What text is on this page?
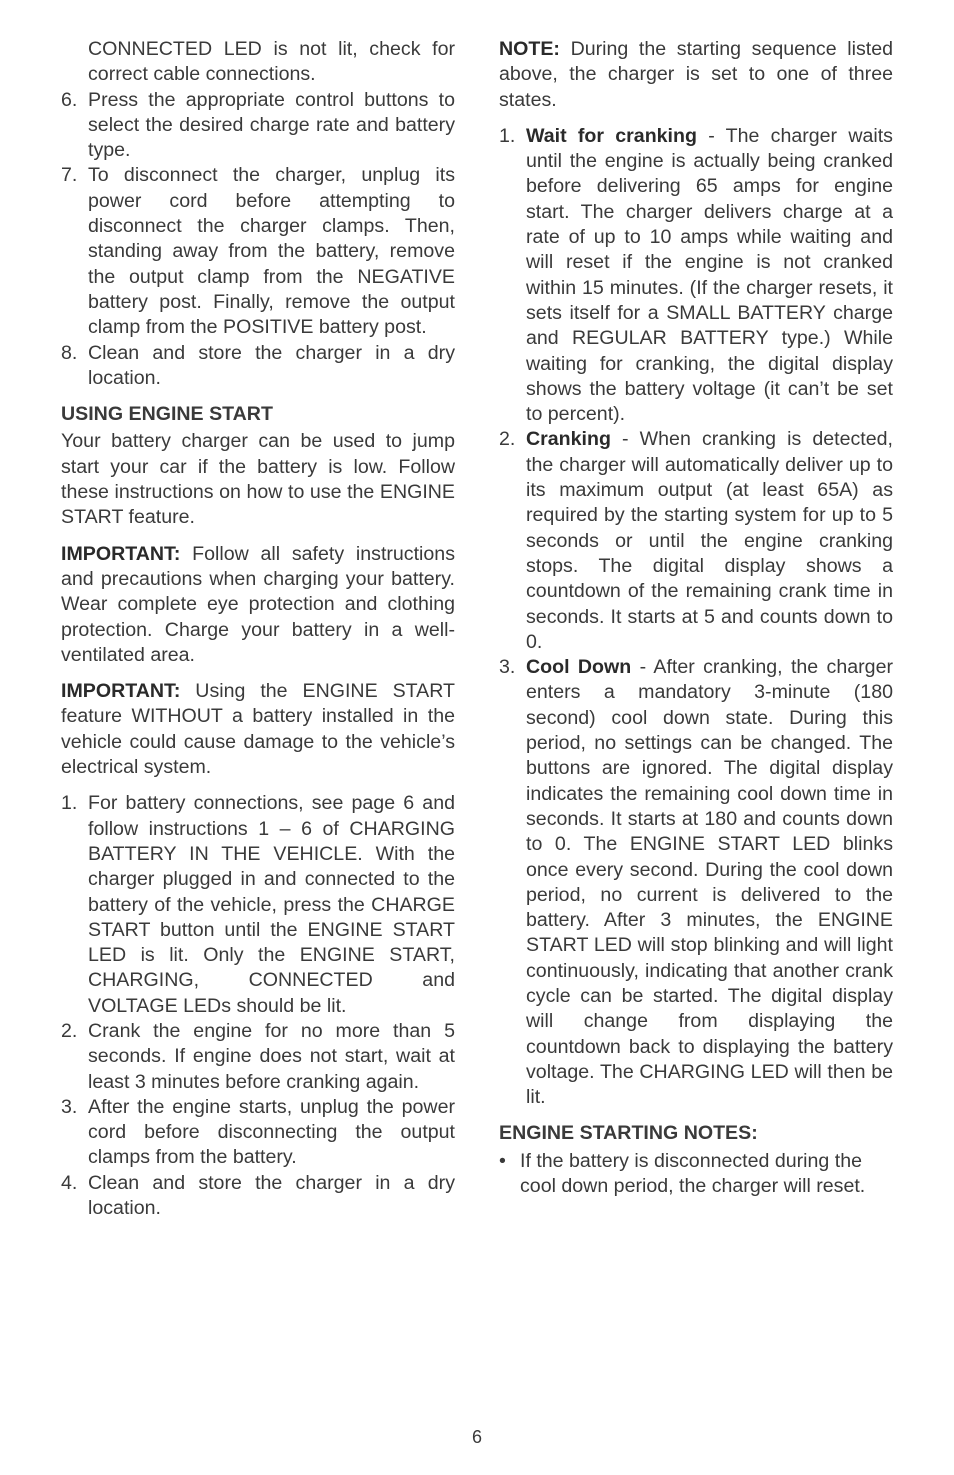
CONNECTED LED is not lit, check for correct cable connections.
6. Press the appropriate control buttons to select the desired charge rate and battery type.
7. To disconnect the charger, unplug its power cord before attempting to disconnect the charger clamps. Then, standing away from the battery, remove the output clamp from the NEGATIVE battery post. Finally, remove the output clamp from the POSITIVE battery post.
8. Clean and store the charger in a dry location.
USING ENGINE START

Your battery charger can be used to jump start your car if the battery is low. Follow these instructions on how to use the ENGINE START feature.

IMPORTANT: Follow all safety instructions and precautions when charging your battery. Wear complete eye protection and clothing protection. Charge your battery in a well-ventilated area.

IMPORTANT: Using the ENGINE START feature WITHOUT a battery installed in the vehicle could cause damage to the vehicle’s electrical system.

1. For battery connections, see page 6 and follow instructions 1 – 6 of CHARGING BATTERY IN THE VEHICLE. With the charger plugged in and connected to the battery of the vehicle, press the CHARGE START button until the ENGINE START LED is lit. Only the ENGINE START, CHARGING, CONNECTED and VOLTAGE LEDs should be lit.
2. Crank the engine for no more than 5 seconds. If engine does not start, wait at least 3 minutes before cranking again.
3. After the engine starts, unplug the power cord before disconnecting the output clamps from the battery.
4. Clean and store the charger in a dry location.

NOTE: During the starting sequence listed above, the charger is set to one of three states.

1. Wait for cranking - The charger waits until the engine is actually being cranked before delivering 65 amps for engine start. The charger delivers charge at a rate of up to 10 amps while waiting and will reset if the engine is not cranked within 15 minutes. (If the charger resets, it sets itself for a SMALL BATTERY charge and REGULAR BATTERY type.) While waiting for cranking, the digital display shows the battery voltage (it can’t be set to percent).
2. Cranking - When cranking is detected, the charger will automatically deliver up to its maximum output (at least 65A) as required by the starting system for up to 5 seconds or until the engine cranking stops. The digital display shows a countdown of the remaining crank time in seconds. It starts at 5 and counts down to 0.
3. Cool Down - After cranking, the charger enters a mandatory 3-minute (180 second) cool down state. During this period, no settings can be changed. The buttons are ignored. The digital display indicates the remaining cool down time in seconds. It starts at 180 and counts down to 0. The ENGINE START LED blinks once every second. During the cool down period, no current is delivered to the battery. After 3 minutes, the ENGINE START LED will stop blinking and will light continuously, indicating that another crank cycle can be started. The digital display will change from displaying the countdown back to displaying the battery voltage. The CHARGING LED will then be lit.
ENGINE STARTING NOTES:
• If the battery is disconnected during the cool down period, the charger will reset.
6
